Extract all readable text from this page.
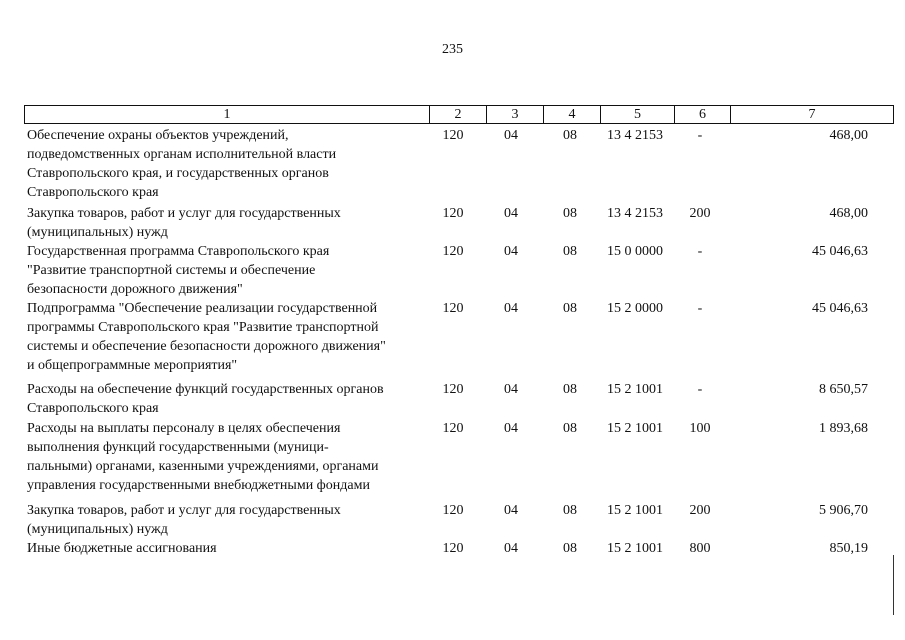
235
1	2	3	4	5	6	7
Обеспечение охраны объектов учреждений,
подведомственных органам исполнительной власти
Ставропольского края, и государственных органов
Ставропольского края
120	04	08	13 4 2153	-	468,00
Закупка товаров, работ и услуг для государственных
(муниципальных) нужд
120	04	08	13 4 2153	200	468,00
Государственная программа Ставропольского края
"Развитие транспортной системы и обеспечение
безопасности дорожного движения"
120	04	08	15 0 0000	-	45 046,63
Подпрограмма "Обеспечение реализации государственной
программы Ставропольского края "Развитие транспортной
системы и обеспечение безопасности дорожного движения"
и общепрограммные мероприятия"
120	04	08	15 2 0000	-	45 046,63
Расходы на обеспечение функций государственных органов
Ставропольского края
120	04	08	15 2 1001	-	8 650,57
Расходы на выплаты персоналу в целях обеспечения
выполнения функций государственными (муници-
пальными) органами, казенными учреждениями, органами
управления государственными внебюджетными фондами
120	04	08	15 2 1001	100	1 893,68
Закупка товаров, работ и услуг для государственных
(муниципальных) нужд
120	04	08	15 2 1001	200	5 906,70
Иные бюджетные ассигнования	120	04	08	15 2 1001	800	850,19
